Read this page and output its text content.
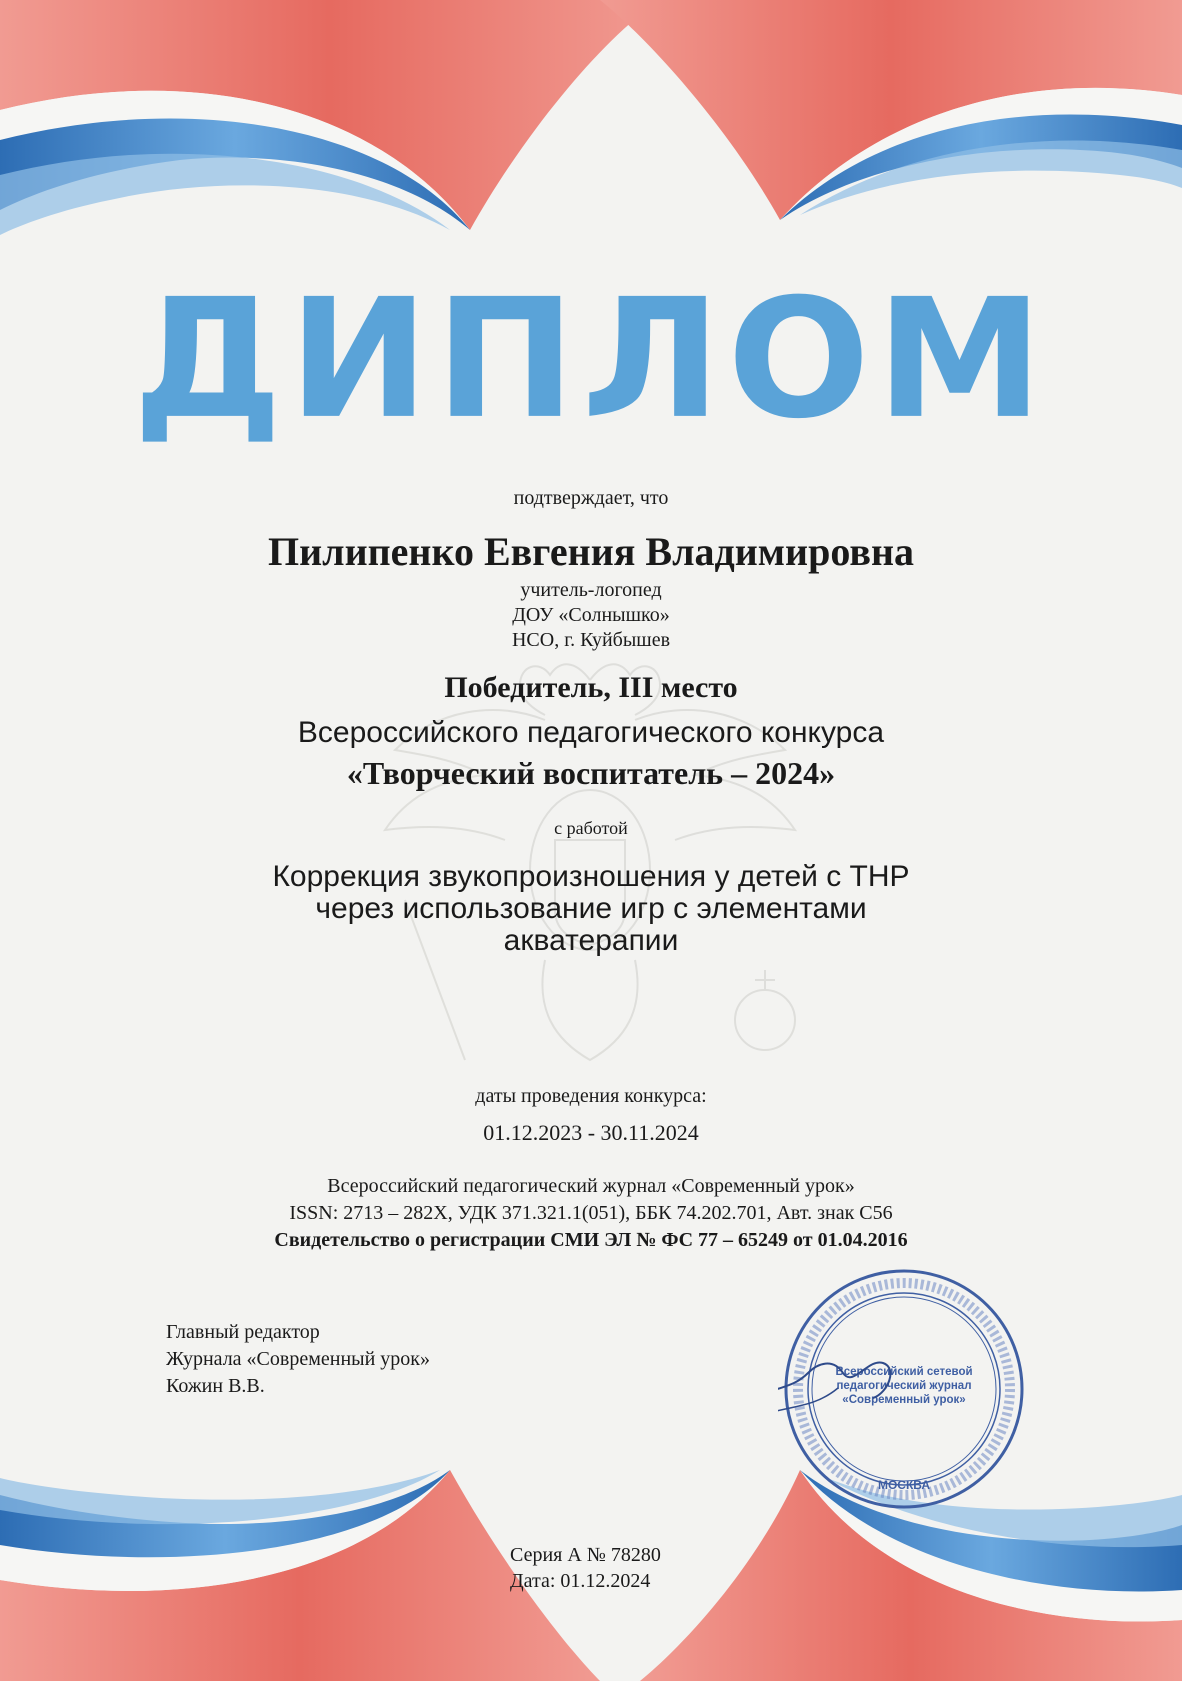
ДИПЛОМ
подтверждает, что
Пилипенко Евгения Владимировна
учитель-логопед
ДОУ «Солнышко»
НСО, г. Куйбышев
Победитель, III место
Всероссийского педагогического конкурса
«Творческий воспитатель – 2024»
с работой
Коррекция звукопроизношения у детей с ТНР
через использование игр с элементами
акватерапии
даты проведения конкурса:
01.12.2023 - 30.11.2024
Всероссийский педагогический журнал «Современный урок»
ISSN: 2713 – 282X, УДК 371.321.1(051), ББК 74.202.701, Авт. знак С56
Свидетельство о регистрации СМИ ЭЛ № ФС 77 – 65249 от 01.04.2016
Главный редактор
Журнала «Современный урок»
Кожин В.В.
Всероссийский сетевой
педагогический журнал
«Современный урок»
МОСКВА
Серия А № 78280
Дата: 01.12.2024
